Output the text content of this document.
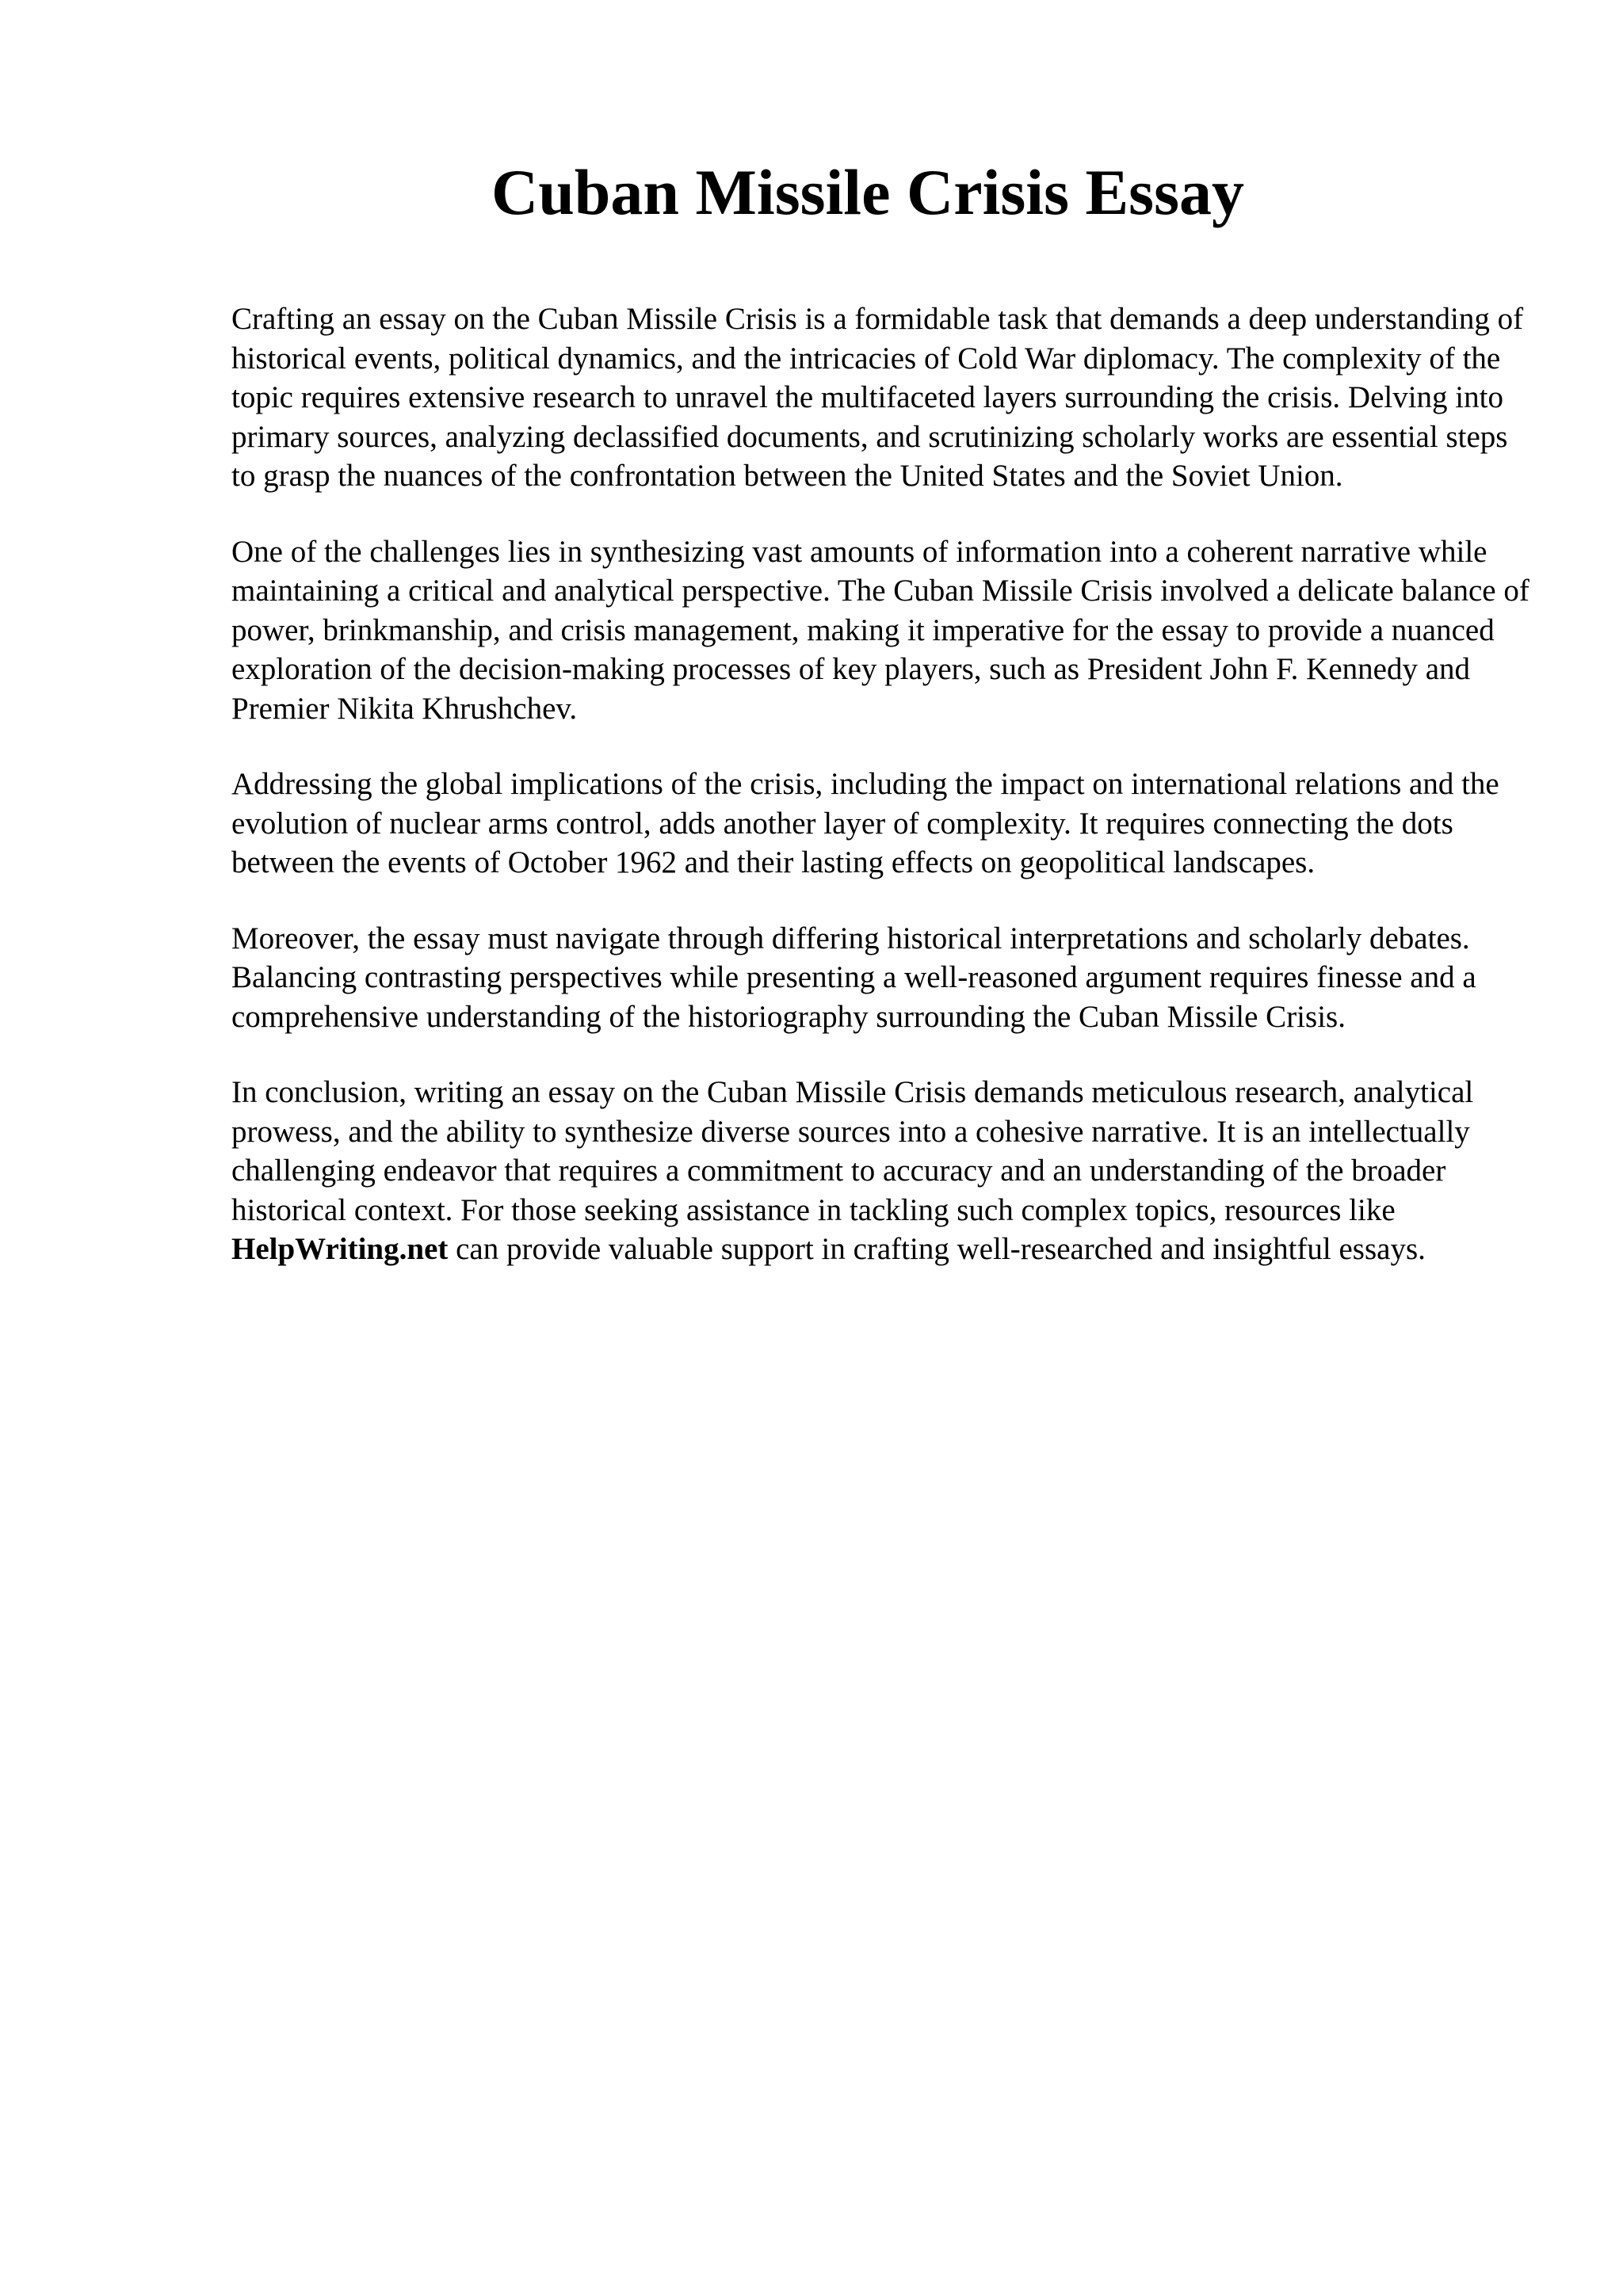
Cuban Missile Crisis Essay

Crafting an essay on the Cuban Missile Crisis is a formidable task that demands a deep understanding of historical events, political dynamics, and the intricacies of Cold War diplomacy. The complexity of the topic requires extensive research to unravel the multifaceted layers surrounding the crisis. Delving into primary sources, analyzing declassified documents, and scrutinizing scholarly works are essential steps to grasp the nuances of the confrontation between the United States and the Soviet Union.

One of the challenges lies in synthesizing vast amounts of information into a coherent narrative while maintaining a critical and analytical perspective. The Cuban Missile Crisis involved a delicate balance of power, brinkmanship, and crisis management, making it imperative for the essay to provide a nuanced exploration of the decision-making processes of key players, such as President John F. Kennedy and Premier Nikita Khrushchev.

Addressing the global implications of the crisis, including the impact on international relations and the evolution of nuclear arms control, adds another layer of complexity. It requires connecting the dots between the events of October 1962 and their lasting effects on geopolitical landscapes.

Moreover, the essay must navigate through differing historical interpretations and scholarly debates. Balancing contrasting perspectives while presenting a well-reasoned argument requires finesse and a comprehensive understanding of the historiography surrounding the Cuban Missile Crisis.

In conclusion, writing an essay on the Cuban Missile Crisis demands meticulous research, analytical prowess, and the ability to synthesize diverse sources into a cohesive narrative. It is an intellectually challenging endeavor that requires a commitment to accuracy and an understanding of the broader historical context. For those seeking assistance in tackling such complex topics, resources like HelpWriting.net can provide valuable support in crafting well-researched and insightful essays.
